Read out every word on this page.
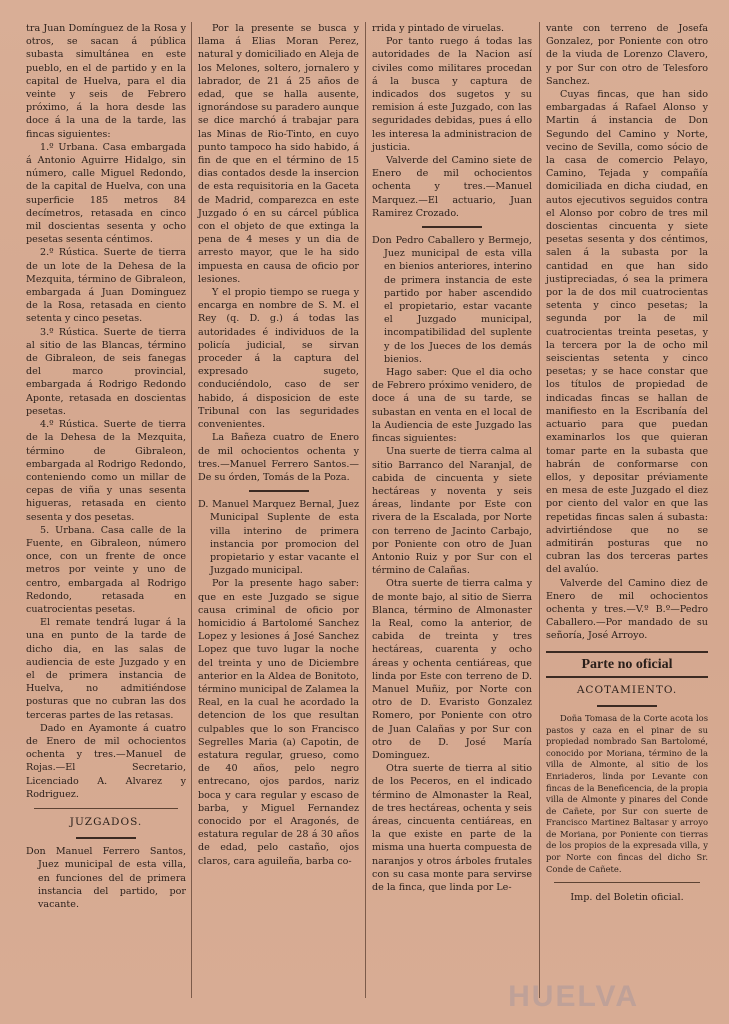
tra Juan Domínguez de la Rosa y otros, se sacan á pública subasta simultánea en este pueblo, en el de partido y en la capital de Huelva, para el dia veinte y seis de Febrero próximo, á la hora desde las doce á la una de la tarde, las fincas siguientes:

1.º Urbana. Casa embargada á Antonio Aguirre Hidalgo, sin número, calle Miguel Redondo, de la capital de Huelva, con una superficie 185 metros 84 decímetros, retasada en cinco mil doscientas sesenta y ocho pesetas sesenta céntimos.

2.º Rústica. Suerte de tierra de un lote de la Dehesa de la Mezquita, término de Gibraleon, embargada á Juan Dominguez de la Rosa, retasada en ciento setenta y cinco pesetas.

3.º Rústica. Suerte de tierra al sitio de las Blancas, término de Gibraleon, de seis fanegas del marco provincial, embargada á Rodrigo Redondo Aponte, retasada en doscientas pesetas.

4.º Rústica. Suerte de tierra de la Dehesa de la Mezquita, término de Gibraleon, embargada al Rodrigo Redondo, conteniendo como un millar de cepas de viña y unas sesenta higueras, retasada en ciento sesenta y dos pesetas.

5. Urbana. Casa calle de la Fuente, en Gibraleon, número once, con un frente de once metros por veinte y uno de centro, embargada al Rodrigo Redondo, retasada en cuatrocientas pesetas.

El remate tendrá lugar á la una en punto de la tarde de dicho dia, en las salas de audiencia de este Juzgado y en el de primera instancia de Huelva, no admitiéndose posturas que no cubran las dos terceras partes de las retasas.

Dado en Ayamonte á cuatro de Enero de mil ochocientos ochenta y tres.—Manuel de Rojas.—El Secretario, Licenciado A. Alvarez y Rodriguez.

JUZGADOS.

Don Manuel Ferrero Santos, Juez municipal de esta villa, en funciones del de primera instancia del partido, por vacante.

Por la presente se busca y llama á Elias Moran Perez, natural y domiciliado en Aleja de los Melones, soltero, jornalero y labrador, de 21 á 25 años de edad, que se halla ausente, ignorándose su paradero aunque se dice marchó á trabajar para las Minas de Rio-Tinto, en cuyo punto tampoco ha sido habido, á fin de que en el término de 15 dias contados desde la insercion de esta requisitoria en la Gaceta de Madrid, comparezca en este Juzgado ó en su cárcel pública con el objeto de que extinga la pena de 4 meses y un dia de arresto mayor, que le ha sido impuesta en causa de oficio por lesiones.

Y el propio tiempo se ruega y encarga en nombre de S. M. el Rey (q. D. g.) á todas las autoridades é individuos de la policía judicial, se sirvan proceder á la captura del expresado sugeto, conduciéndolo, caso de ser habido, á disposicion de este Tribunal con las seguridades convenientes.

La Bañeza cuatro de Enero de mil ochocientos ochenta y tres.—Manuel Ferrero Santos.—De su órden, Tomás de la Poza.

D. Manuel Marquez Bernal, Juez Municipal Suplente de esta villa interino de primera instancia por promocion del propietario y estar vacante el Juzgado municipal.

Por la presente hago saber: que en este Juzgado se sigue causa criminal de oficio por homicidio á Bartolomé Sanchez Lopez y lesiones á José Sanchez Lopez que tuvo lugar la noche del treinta y uno de Diciembre anterior en la Aldea de Bonitoto, término municipal de Zalamea la Real, en la cual he acordado la detencion de los que resultan culpables que lo son Francisco Segrelles Maria (a) Capotin, de estatura regular, grueso, como de 40 años, pelo negro entrecano, ojos pardos, nariz boca y cara regular y escaso de barba, y Miguel Fernandez conocido por el Aragonés, de estatura regular de 28 á 30 años de edad, pelo castaño, ojos claros, cara aguileña, barba co-

rrida y pintado de viruelas.

Por tanto ruego á todas las autoridades de la Nacion así civiles como militares procedan á la busca y captura de indicados dos sugetos y su remision á este Juzgado, con las seguridades debidas, pues á ello les interesa la administracion de justicia.

Valverde del Camino siete de Enero de mil ochocientos ochenta y tres.—Manuel Marquez.—El actuario, Juan Ramirez Crozado.

Don Pedro Caballero y Bermejo, Juez municipal de esta villa en bienios anteriores, interino de primera instancia de este partido por haber ascendido el propietario, estar vacante el Juzgado municipal, incompatibilidad del suplente y de los Jueces de los demás bienios.

Hago saber: Que el dia ocho de Febrero próximo venidero, de doce á una de su tarde, se subastan en venta en el local de la Audiencia de este Juzgado las fincas siguientes:

Una suerte de tierra calma al sitio Barranco del Naranjal, de cabida de cincuenta y siete hectáreas y noventa y seis áreas, lindante por Este con rivera de la Escalada, por Norte con terreno de Jacinto Carbajo, por Poniente con otro de Juan Antonio Ruiz y por Sur con el término de Calañas.

Otra suerte de tierra calma y de monte bajo, al sitio de Sierra Blanca, término de Almonaster la Real, como la anterior, de cabida de treinta y tres hectáreas, cuarenta y ocho áreas y ochenta centiáreas, que linda por Este con terreno de D. Manuel Muñiz, por Norte con otro de D. Evaristo Gonzalez Romero, por Poniente con otro de Juan Calañas y por Sur con otro de D. José María Dominguez.

Otra suerte de tierra al sitio de los Peceros, en el indicado término de Almonaster la Real, de tres hectáreas, ochenta y seis áreas, cincuenta centiáreas, en la que existe en parte de la misma una huerta compuesta de naranjos y otros árboles frutales con su casa monte para servirse de la finca, que linda por Le-

vante con terreno de Josefa Gonzalez, por Poniente con otro de la viuda de Lorenzo Clavero, y por Sur con otro de Telesforo Sanchez.

Cuyas fincas, que han sido embargadas á Rafael Alonso y Martin á instancia de Don Segundo del Camino y Norte, vecino de Sevilla, como sócio de la casa de comercio Pelayo, Camino, Tejada y compañía domiciliada en dicha ciudad, en autos ejecutivos seguidos contra el Alonso por cobro de tres mil doscientas cincuenta y siete pesetas sesenta y dos céntimos, salen á la subasta por la cantidad en que han sido justipreciadas, ó sea la primera por la de dos mil cuatrocientas setenta y cinco pesetas; la segunda por la de mil cuatrocientas treinta pesetas, y la tercera por la de ocho mil seiscientas setenta y cinco pesetas; y se hace constar que los títulos de propiedad de indicadas fincas se hallan de manifiesto en la Escribanía del actuario para que puedan examinarlos los que quieran tomar parte en la subasta que habrán de conformarse con ellos, y depositar préviamente en mesa de este Juzgado el diez por ciento del valor en que las repetidas fincas salen á subasta: advirtiéndose que no se admitirán posturas que no cubran las dos terceras partes del avalúo.

Valverde del Camino diez de Enero de mil ochocientos ochenta y tres.—V.º B.º—Pedro Caballero.—Por mandado de su señoría, José Arroyo.

Parte no oficial
ACOTAMIENTO.

Doña Tomasa de la Corte acota los pastos y caza en el pinar de su propiedad nombrado San Bartolomé, conocido por Moriana, término de la villa de Almonte, al sitio de los Enriaderos, linda por Levante con fincas de la Beneficencia, de la propia villa de Almonte y pinares del Conde de Cañete, por Sur con suerte de Francisco Martinez Baltasar y arroyo de Moriana, por Poniente con tierras de los propios de la expresada villa, y por Norte con fincas del dicho Sr. Conde de Cañete.

Imp. del Boletin oficial.

HUELVA
